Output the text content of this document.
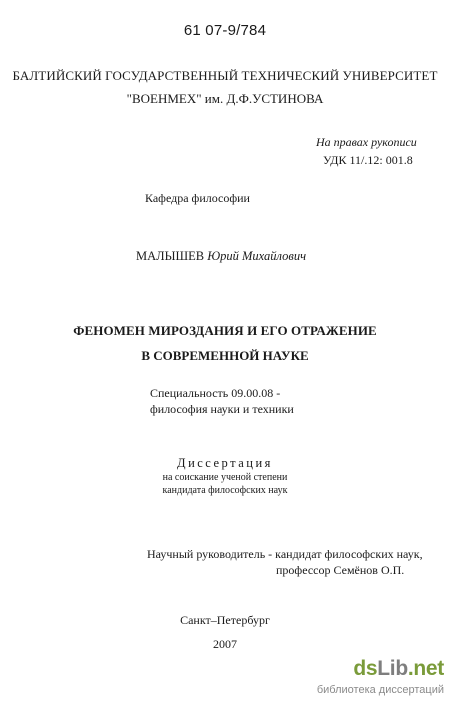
61 07-9/784
БАЛТИЙСКИЙ ГОСУДАРСТВЕННЫЙ ТЕХНИЧЕСКИЙ УНИВЕРСИТЕТ
"ВОЕНМЕХ" им. Д.Ф.УСТИНОВА
На правах рукописи
УДК 11/.12: 001.8
Кафедра философии
МАЛЫШЕВ Юрий Михайлович
ФЕНОМЕН МИРОЗДАНИЯ И ЕГО ОТРАЖЕНИЕ
В СОВРЕМЕННОЙ НАУКЕ
Специальность 09.00.08 -
философия науки и техники
Диссертация
на соискание ученой степени
кандидата философских наук
Научный руководитель - кандидат философских наук,
профессор Семёнов О.П.
Санкт–Петербург
2007
dsLib.net
библиотека диссертаций
